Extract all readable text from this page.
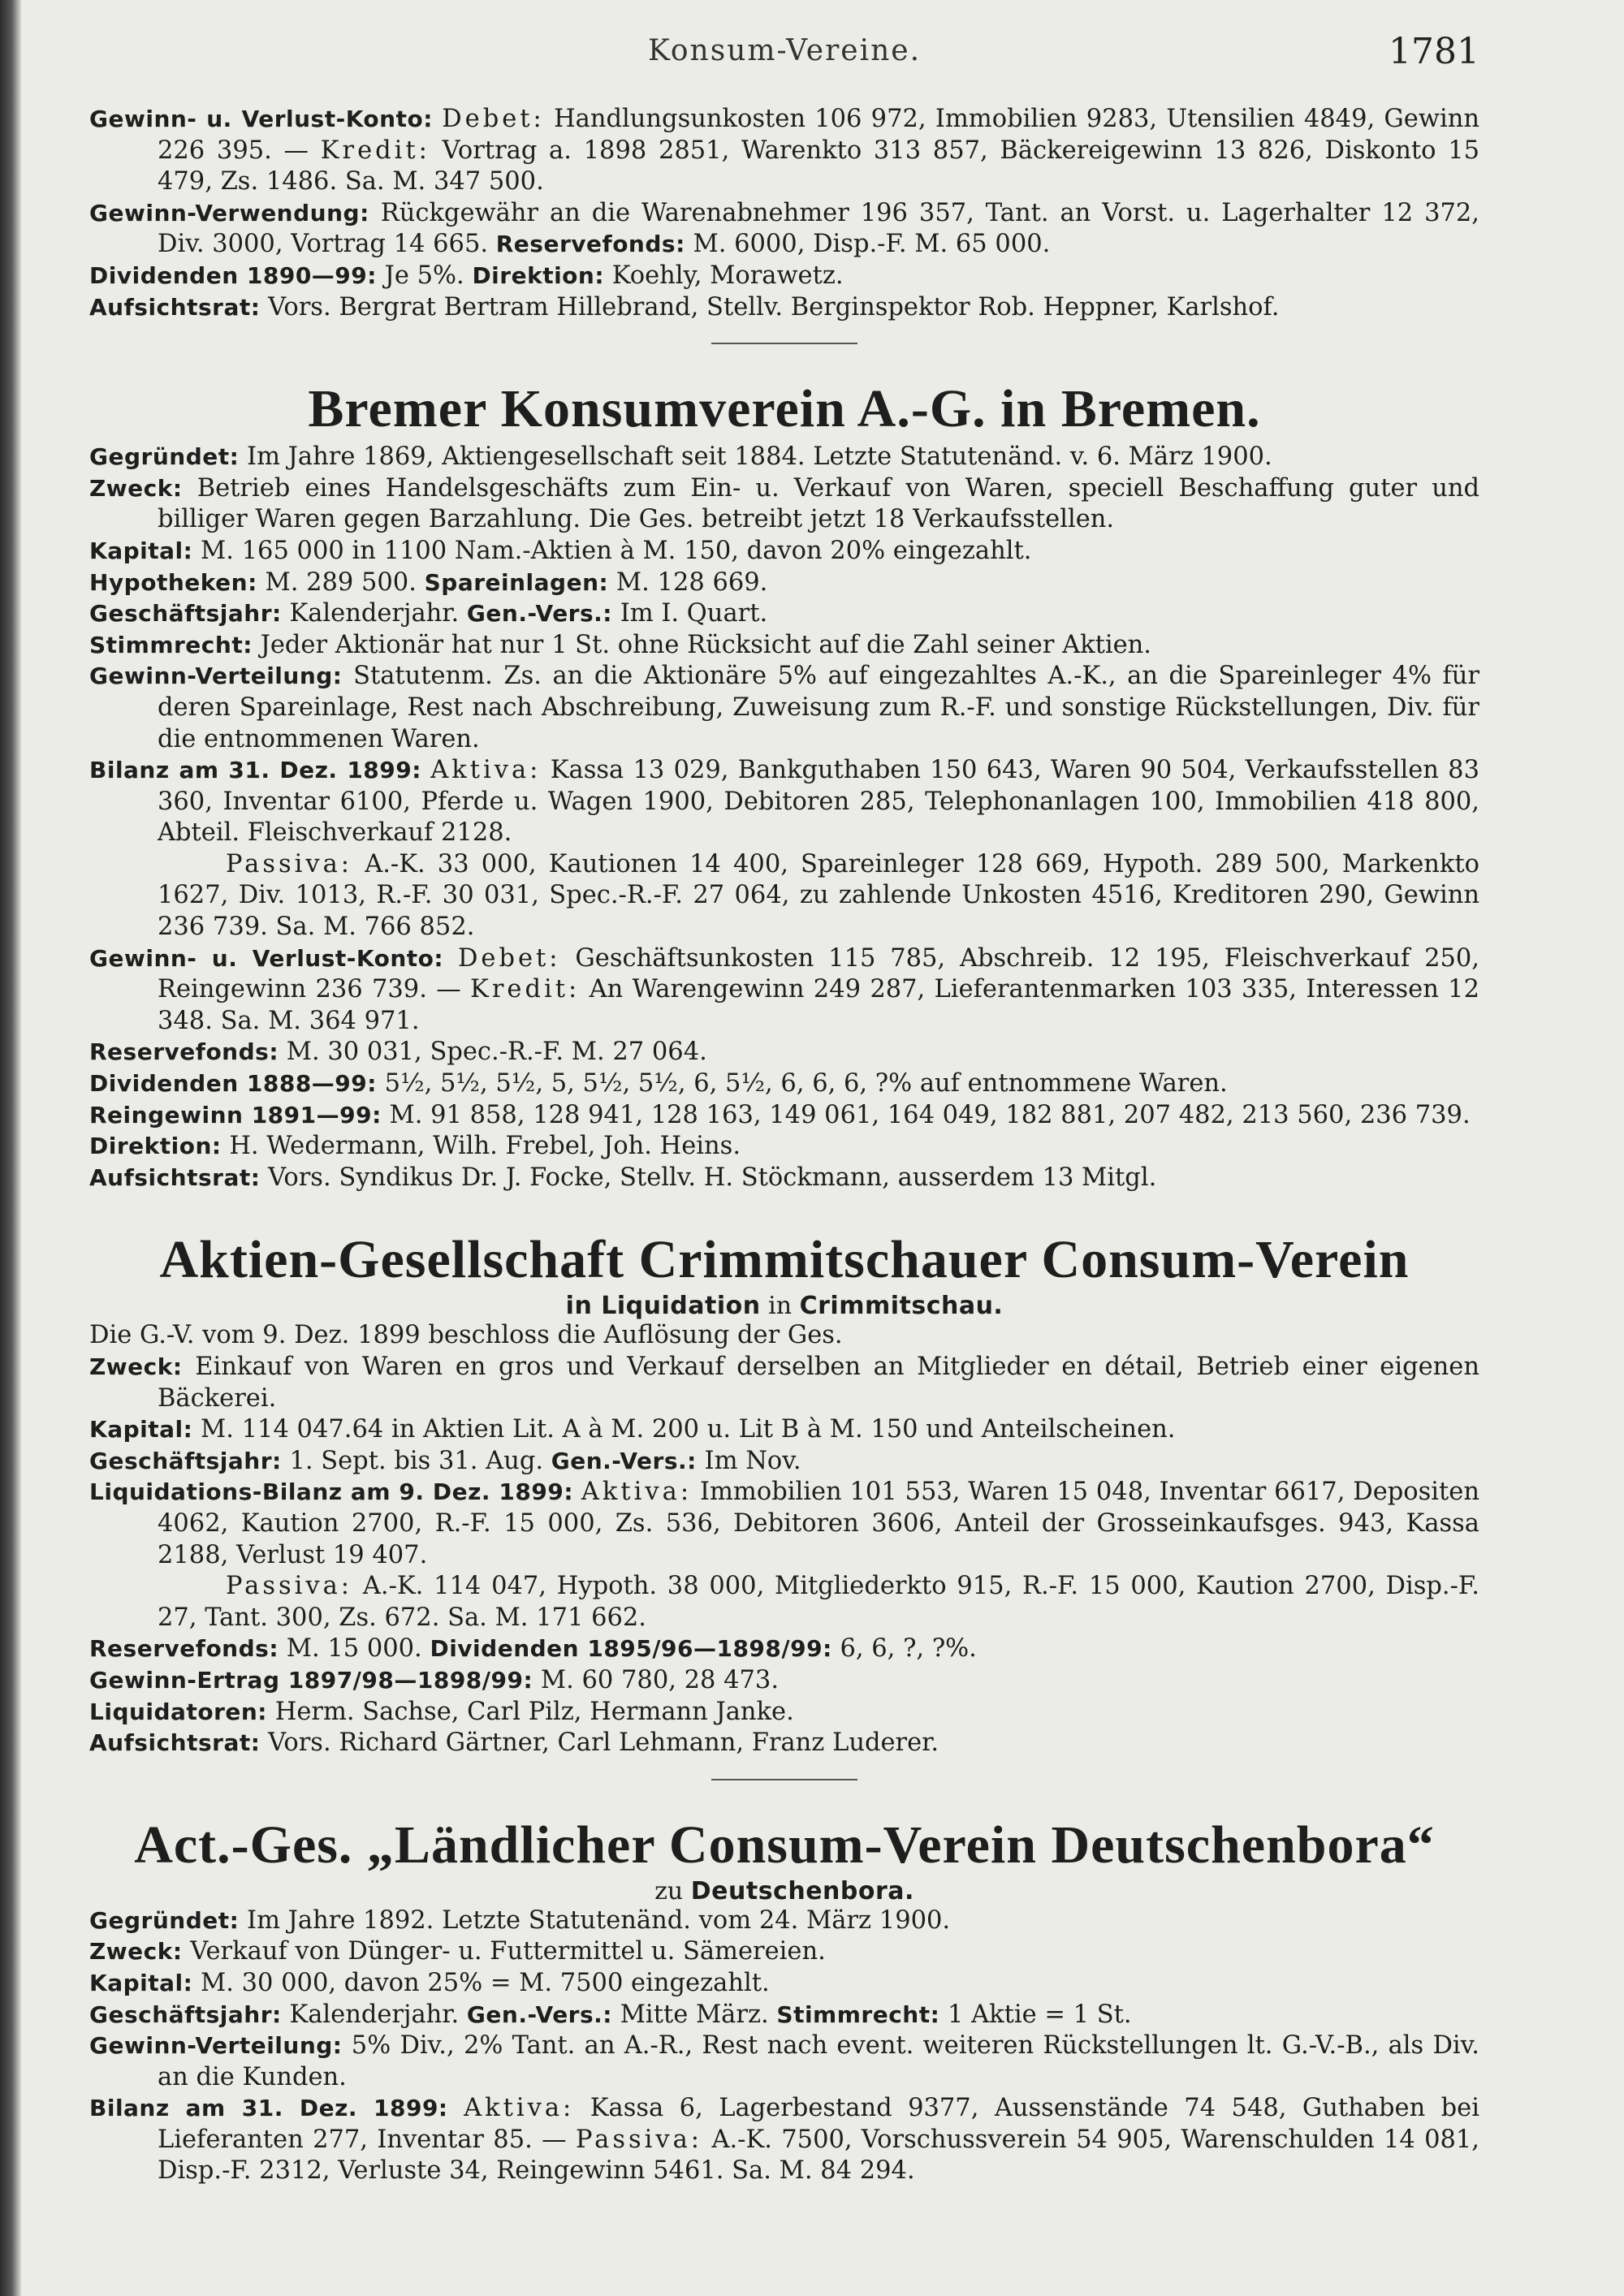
Konsum-Vereine.	1781

Gewinn- u. Verlust-Konto: Debet: Handlungsunkosten 106 972, Immobilien 9283, Utensilien 4849, Gewinn 226 395. — Kredit: Vortrag a. 1898 2851, Warenkto 313 857, Bäckereigewinn 13 826, Diskonto 15 479, Zs. 1486. Sa. M. 347 500.

Gewinn-Verwendung: Rückgewähr an die Warenabnehmer 196 357, Tant. an Vorst. u. Lagerhalter 12 372, Div. 3000, Vortrag 14 665. Reservefonds: M. 6000, Disp.-F. M. 65 000.

Dividenden 1890—99: Je 5%. Direktion: Koehly, Morawetz.

Aufsichtsrat: Vors. Bergrat Bertram Hillebrand, Stellv. Berginspektor Rob. Heppner, Karlshof.

Bremer Konsumverein A.-G. in Bremen.

Gegründet: Im Jahre 1869, Aktiengesellschaft seit 1884. Letzte Statutenänd. v. 6. März 1900.

Zweck: Betrieb eines Handelsgeschäfts zum Ein- u. Verkauf von Waren, speciell Beschaffung guter und billiger Waren gegen Barzahlung. Die Ges. betreibt jetzt 18 Verkaufsstellen.

Kapital: M. 165 000 in 1100 Nam.-Aktien à M. 150, davon 20% eingezahlt.

Hypotheken: M. 289 500. Spareinlagen: M. 128 669.

Geschäftsjahr: Kalenderjahr. Gen.-Vers.: Im I. Quart.

Stimmrecht: Jeder Aktionär hat nur 1 St. ohne Rücksicht auf die Zahl seiner Aktien.

Gewinn-Verteilung: Statutenm. Zs. an die Aktionäre 5% auf eingezahltes A.-K., an die Spareinleger 4% für deren Spareinlage, Rest nach Abschreibung, Zuweisung zum R.-F. und sonstige Rückstellungen, Div. für die entnommenen Waren.

Bilanz am 31. Dez. 1899: Aktiva: Kassa 13 029, Bankguthaben 150 643, Waren 90 504, Verkaufsstellen 83 360, Inventar 6100, Pferde u. Wagen 1900, Debitoren 285, Telephonanlagen 100, Immobilien 418 800, Abteil. Fleischverkauf 2128.

Passiva: A.-K. 33 000, Kautionen 14 400, Spareinleger 128 669, Hypoth. 289 500, Markenkto 1627, Div. 1013, R.-F. 30 031, Spec.-R.-F. 27 064, zu zahlende Unkosten 4516, Kreditoren 290, Gewinn 236 739. Sa. M. 766 852.

Gewinn- u. Verlust-Konto: Debet: Geschäftsunkosten 115 785, Abschreib. 12 195, Fleischverkauf 250, Reingewinn 236 739. — Kredit: An Warengewinn 249 287, Lieferantenmarken 103 335, Interessen 12 348. Sa. M. 364 971.

Reservefonds: M. 30 031, Spec.-R.-F. M. 27 064.

Dividenden 1888—99: 5½, 5½, 5½, 5, 5½, 5½, 6, 5½, 6, 6, 6, ?% auf entnommene Waren.

Reingewinn 1891—99: M. 91 858, 128 941, 128 163, 149 061, 164 049, 182 881, 207 482, 213 560, 236 739.

Direktion: H. Wedermann, Wilh. Frebel, Joh. Heins.

Aufsichtsrat: Vors. Syndikus Dr. J. Focke, Stellv. H. Stöckmann, ausserdem 13 Mitgl.

Aktien-Gesellschaft Crimmitschauer Consum-Verein

in Liquidation in Crimmitschau.

Die G.-V. vom 9. Dez. 1899 beschloss die Auflösung der Ges.

Zweck: Einkauf von Waren en gros und Verkauf derselben an Mitglieder en détail, Betrieb einer eigenen Bäckerei.

Kapital: M. 114 047.64 in Aktien Lit. A à M. 200 u. Lit B à M. 150 und Anteilscheinen.

Geschäftsjahr: 1. Sept. bis 31. Aug. Gen.-Vers.: Im Nov.

Liquidations-Bilanz am 9. Dez. 1899: Aktiva: Immobilien 101 553, Waren 15 048, Inventar 6617, Depositen 4062, Kaution 2700, R.-F. 15 000, Zs. 536, Debitoren 3606, Anteil der Grosseinkaufsges. 943, Kassa 2188, Verlust 19 407.

Passiva: A.-K. 114 047, Hypoth. 38 000, Mitgliederkto 915, R.-F. 15 000, Kaution 2700, Disp.-F. 27, Tant. 300, Zs. 672. Sa. M. 171 662.

Reservefonds: M. 15 000. Dividenden 1895/96—1898/99: 6, 6, ?, ?%.

Gewinn-Ertrag 1897/98—1898/99: M. 60 780, 28 473.

Liquidatoren: Herm. Sachse, Carl Pilz, Hermann Janke.

Aufsichtsrat: Vors. Richard Gärtner, Carl Lehmann, Franz Luderer.

Act.-Ges. „Ländlicher Consum-Verein Deutschenbora“

zu Deutschenbora.

Gegründet: Im Jahre 1892. Letzte Statutenänd. vom 24. März 1900.

Zweck: Verkauf von Dünger- u. Futtermittel u. Sämereien.

Kapital: M. 30 000, davon 25% = M. 7500 eingezahlt.

Geschäftsjahr: Kalenderjahr. Gen.-Vers.: Mitte März. Stimmrecht: 1 Aktie = 1 St.

Gewinn-Verteilung: 5% Div., 2% Tant. an A.-R., Rest nach event. weiteren Rückstellungen lt. G.-V.-B., als Div. an die Kunden.

Bilanz am 31. Dez. 1899: Aktiva: Kassa 6, Lagerbestand 9377, Aussenstände 74 548, Guthaben bei Lieferanten 277, Inventar 85. — Passiva: A.-K. 7500, Vorschussverein 54 905, Warenschulden 14 081, Disp.-F. 2312, Verluste 34, Reingewinn 5461. Sa. M. 84 294.
